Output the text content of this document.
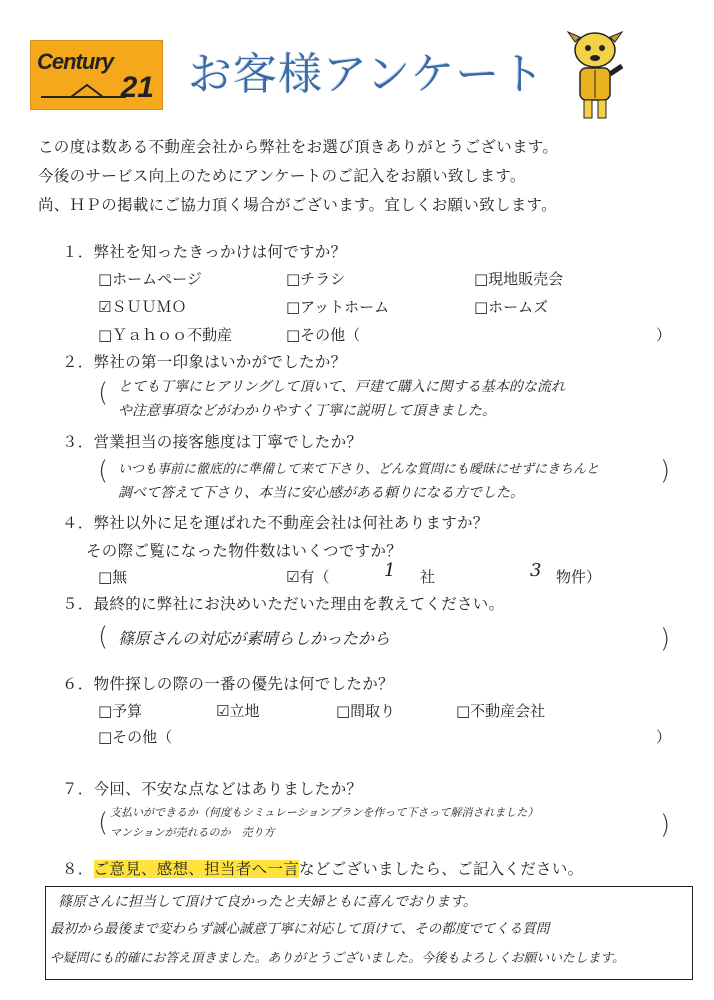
Century
21 お客様アンケート
この度は数ある不動産会社から弊社をお選び頂きありがとうございます。
今後のサービス向上のためにアンケートのご記入をお願い致します。
尚、ＨＰの掲載にご協力頂く場合がございます。宜しくお願い致します。
１．弊社を知ったきっかけは何ですか？
□ホームページ	□チラシ	□現地販売会
☑ＳＵＵＭＯ	□アットホーム	□ホームズ
□Ｙａｈｏｏ不動産	□その他（	）
２．弊社の第一印象はいかがでしたか？
( とても丁寧にヒアリングして頂いて、戸建て購入に関する基本的な流れ
や注意事項などがわかりやすく丁寧に説明して頂きました。
３．営業担当の接客態度は丁寧でしたか？
( いつも事前に徹底的に準備して来て下さり、どんな質問にも曖昧にせずにきちんと )
調べて答えて下さり、本当に安心感がある頼りになる方でした。
４．弊社以外に足を運ばれた不動産会社は何社ありますか？
その際ご覧になった物件数はいくつですか？
□無	☑有（	1 社	3 物件）
５．最終的に弊社にお決めいただいた理由を教えてください。
( 篠原さんの対応が素晴らしかったから	)
６．物件探しの際の一番の優先は何でしたか？
□予算	☑立地	□間取り	□不動産会社
□その他（	）
７．今回、不安な点などはありましたか？
( 支払いができるか（何度もシミュレーションプランを作って下さって解消されました）
マンションが売れるのか　売り方	)
８．ご意見、感想、担当者へ一言などございましたら、ご記入ください。
篠原さんに担当して頂けて良かったと夫婦ともに喜んでおります。
最初から最後まで変わらず誠心誠意丁寧に対応して頂けて、その都度でてくる質問
や疑問にも的確にお答え頂きました。ありがとうございました。今後もよろしくお願いいたします。
